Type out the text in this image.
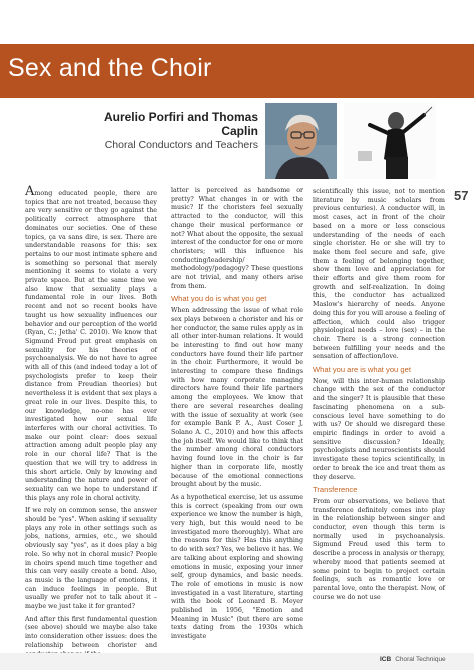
Sex and the Choir
Aurelio Porfiri and Thomas Caplin
Choral Conductors and Teachers
57

Among educated people, there are topics that are not treated, because they are very sensitive or they go against the politically correct atmosphere that dominates our societies. One of these topics, ça va sans dire, is sex. There are understandable reasons for this: sex pertains to our most intimate sphere and is something so personal that merely mentioning it seems to violate a very private space. But at the same time we also know that sexuality plays a fundamental role in our lives. Both recent and not so recent books have taught us how sexuality influences our behavior and our perception of the world (Ryan, C.; Jetha' C. 2010). We know that Sigmund Freud put great emphasis on sexuality for his theories of psychoanalysis. We do not have to agree with all of this (and indeed today a lot of psychologists prefer to keep their distance from Freudian theories) but nevertheless it is evident that sex plays a great role in our lives. Despite this, to our knowledge, no-one has ever investigated how our sexual life interferes with our choral activities. To make our point clear: does sexual attraction among adult people play any role in our choral life? That is the question that we will try to address in this short article. Only by knowing and understanding the nature and power of sexuality can we hope to understand if this plays any role in choral activity.

If we rely on common sense, the answer should be "yes". When asking if sexuality plays any role in other settings such as jobs, nations, armies, etc., we should obviously say "yes", as it does play a big role. So why not in choral music? People in choirs spend much time together and this can very easily create a bond. Also, as music is the language of emotions, it can induce feelings in people. But usually we prefer not to talk about it – maybe we just take it for granted?

And after this first fundamental question (see above) should we maybe also take into consideration other issues: does the relationship between chorister and

latter is perceived as handsome or pretty? What changes in or with the music? If the choristers feel sexually attracted to the conductor, will this change their musical performance or not? What about the opposite, the sexual interest of the conductor for one or more choristers; will this influence his conducting/leadership/ methodology/pedagogy? These questions are not trivial, and many others arise from them.

What you do is what you get

When addressing the issue of what role sex plays between a chorister and his or her conductor, the same rules apply as in all other inter-human relations. It would be interesting to find out how many conductors have found their life partner in the choir. Furthermore, it would be interesting to compare these findings with how many corporate managing directors have found their life partners among the employees. We know that there are several researches dealing with the issue of sexuality at work (see for example Bank P. A., Aust Coser J, Solano A. C., 2010) and how this affects the job itself. We would like to think that the number among choral conductors having found love in the choir is far higher than in corporate life, mostly because of the emotional connections brought about by the music.

As a hypothetical exercise, let us assume this is correct (speaking from our own experience we know the number is high, very high, but this would need to be investigated more thoroughly). What are the reasons for this? Has this anything to do with sex? Yes, we believe it has. We are talking about exploring and showing emotions in music, exposing your inner self, group dynamics, and basic needs. The role of emotions in music is now investigated in a vast literature, starting with the book of Leonard B. Meyer published in 1956, "Emotion and Meaning in Music" (but there are some texts dating from the 1930s which investigate

scientifically this issue, not to mention literature by music scholars from previous centuries). A conductor will, in most cases, act in front of the choir based on a more or less conscious understanding of the needs of each single chorister. He or she will try to make them feel secure and safe, give them a feeling of belonging together, show them love and appreciation for their efforts and give them room for growth and self-realization. In doing this, the conductor has actualized Maslow's hierarchy of needs. Anyone doing this for you will arouse a feeling of affection, which could also trigger physiological needs – love (sex) – in the choir. There is a strong connection between fulfilling your needs and the sensation of affection/love.

What you are is what you get

Now, will this inter-human relationship change with the sex of the conductor and the singer? It is plausible that these fascinating phenomena on a sub-conscious level have something to do with us? Or should we disregard these empiric findings in order to avoid a sensitive discussion? Ideally, psychologists and neuroscientists should investigate these topics scientifically, in order to break the ice and treat them as they deserve.

Transference

From our observations, we believe that transference definitely comes into play in the relationship between singer and conductor, even though this term is normally used in psychoanalysis. Sigmund Freud used this term to describe a process in analysis or therapy, whereby mood that patients seemed at some point to begin to project certain feelings, such as romantic love or parental love, onto the therapist. Now, of course we do not use

ICB Choral Technique
